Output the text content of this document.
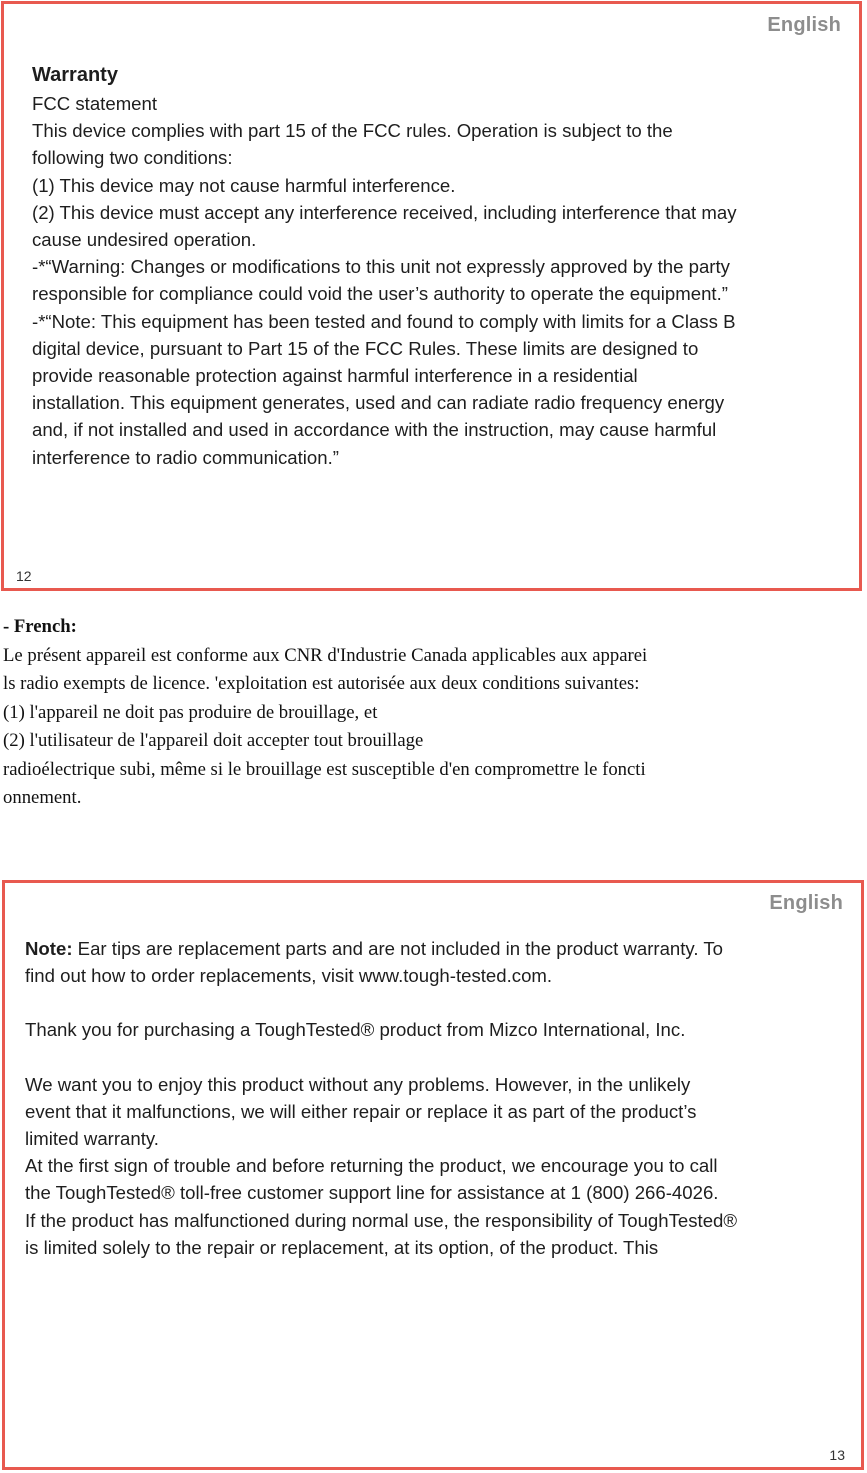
English

Warranty

FCC statement

This device complies with part 15 of the FCC rules. Operation is subject to the

following two conditions:

(1) This device may not cause harmful interference.

(2) This device must accept any interference received, including interference that may

cause undesired operation.

-*“Warning: Changes or modifications to this unit not expressly approved by the party

responsible for compliance could void the user’s authority to operate the equipment.”

-*“Note: This equipment has been tested and found to comply with limits for a Class B

digital device, pursuant to Part 15 of the FCC Rules. These limits are designed to

provide reasonable protection against harmful interference in a residential

installation. This equipment generates, used and can radiate radio frequency energy

and, if not installed and used in accordance with the instruction, may cause harmful

interference to radio communication.”

12

- French:

Le présent appareil est conforme aux CNR d'Industrie Canada applicables aux apparei

ls radio exempts de licence. 'exploitation est autorisée aux deux conditions suivantes:

(1) l'appareil ne doit pas produire de brouillage, et

(2) l'utilisateur de l'appareil doit accepter tout brouillage

radioélectrique subi, même si le brouillage est susceptible d'en compromettre le foncti

onnement.

English

Note: Ear tips are replacement parts and are not included in the product warranty. To

find out how to order replacements, visit www.tough-tested.com.

Thank you for purchasing a ToughTested® product from Mizco International, Inc.

We want you to enjoy this product without any problems. However, in the unlikely

event that it malfunctions, we will either repair or replace it as part of the product’s

limited warranty.

At the first sign of trouble and before returning the product, we encourage you to call

the ToughTested® toll-free customer support line for assistance at 1 (800) 266-4026.

If the product has malfunctioned during normal use, the responsibility of ToughTested®

is limited solely to the repair or replacement, at its option, of the product. This

13
